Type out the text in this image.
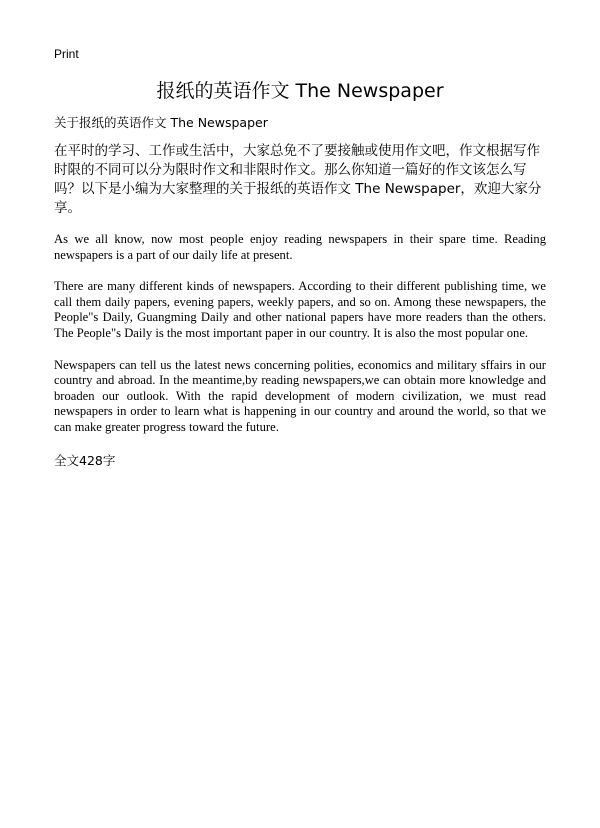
Print
报纸的英语作文 The Newspaper
关于报纸的英语作文 The Newspaper

在平时的学习、工作或生活中，大家总免不了要接触或使用作文吧，作文根据写作时限的不同可以分为限时作文和非限时作文。那么你知道一篇好的作文该怎么写吗？以下是小编为大家整理的关于报纸的英语作文 The Newspaper，欢迎大家分享。

As we all know, now most people enjoy reading newspapers in their spare time. Reading newspapers is a part of our daily life at present.

There are many different kinds of newspapers. According to their different publishing time, we call them daily papers, evening papers, weekly papers, and so on. Among these newspapers, the People"s Daily, Guangming Daily and other national papers have more readers than the others. The People"s Daily is the most important paper in our country. It is also the most popular one.

Newspapers can tell us the latest news concerning polities, economics and military sffairs in our country and abroad. In the meantime,by reading newspapers,we can obtain more knowledge and broaden our outlook. With the rapid development of modern civilization, we must read newspapers in order to learn what is happening in our country and around the world, so that we can make greater progress toward the future.

全文428字
